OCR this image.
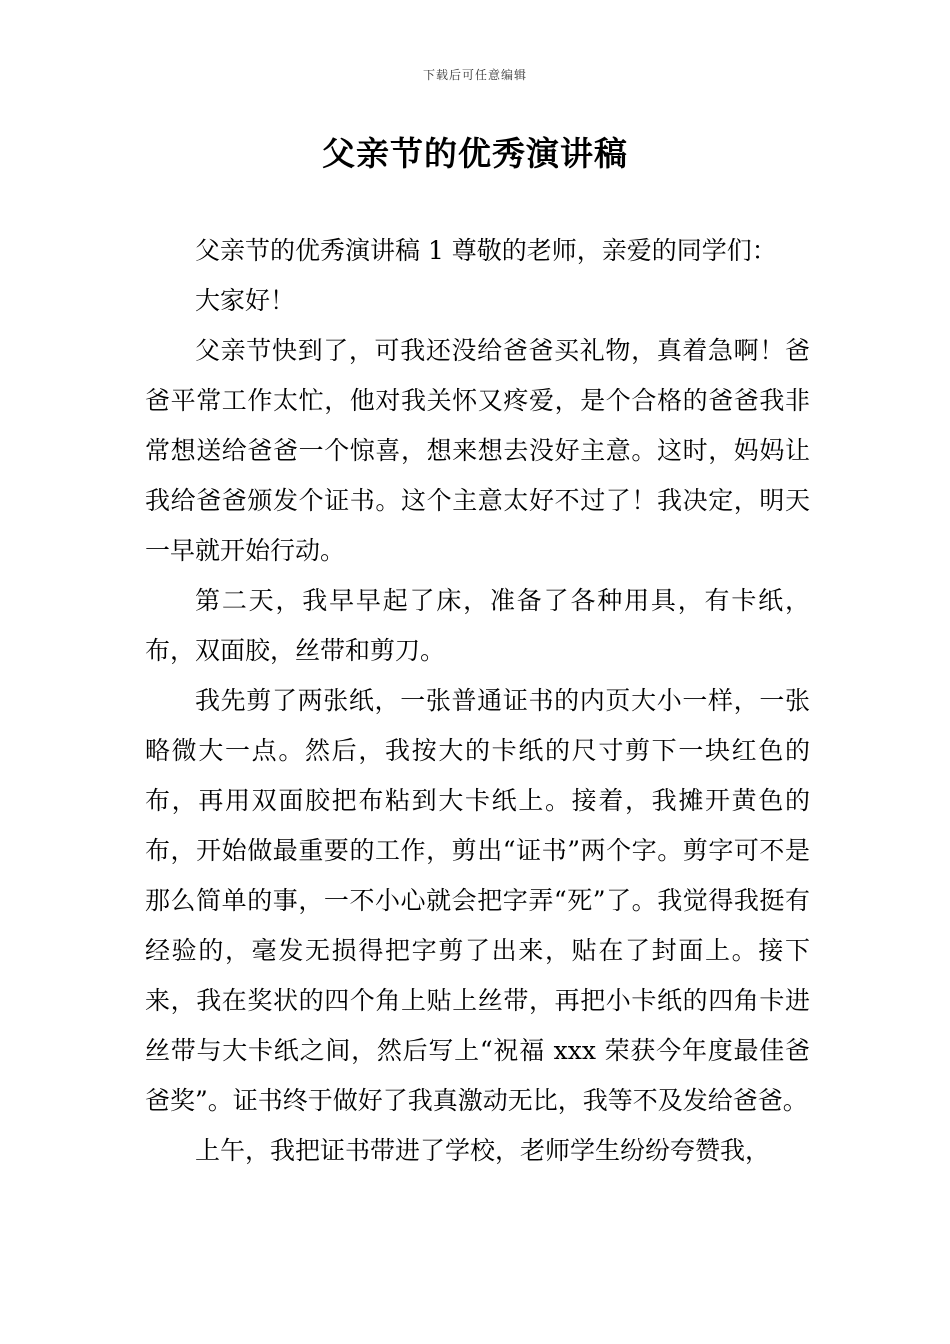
下载后可任意编辑
父亲节的优秀演讲稿

父亲节的优秀演讲稿 1 尊敬的老师，亲爱的同学们：

大家好！

父亲节快到了，可我还没给爸爸买礼物，真着急啊！爸爸平常工作太忙，他对我关怀又疼爱，是个合格的爸爸我非常想送给爸爸一个惊喜，想来想去没好主意。这时，妈妈让我给爸爸颁发个证书。这个主意太好不过了！我决定，明天一早就开始行动。

第二天，我早早起了床，准备了各种用具，有卡纸，布，双面胶，丝带和剪刀。

我先剪了两张纸，一张普通证书的内页大小一样，一张略微大一点。然后，我按大的卡纸的尺寸剪下一块红色的布，再用双面胶把布粘到大卡纸上。接着，我摊开黄色的布，开始做最重要的工作，剪出“证书”两个字。剪字可不是那么简单的事，一不小心就会把字弄“死”了。我觉得我挺有经验的，毫发无损得把字剪了出来，贴在了封面上。接下来，我在奖状的四个角上贴上丝带，再把小卡纸的四角卡进丝带与大卡纸之间，然后写上“祝福 xxx 荣获今年度最佳爸爸奖”。证书终于做好了我真激动无比，我等不及发给爸爸。

上午，我把证书带进了学校，老师学生纷纷夸赞我，
